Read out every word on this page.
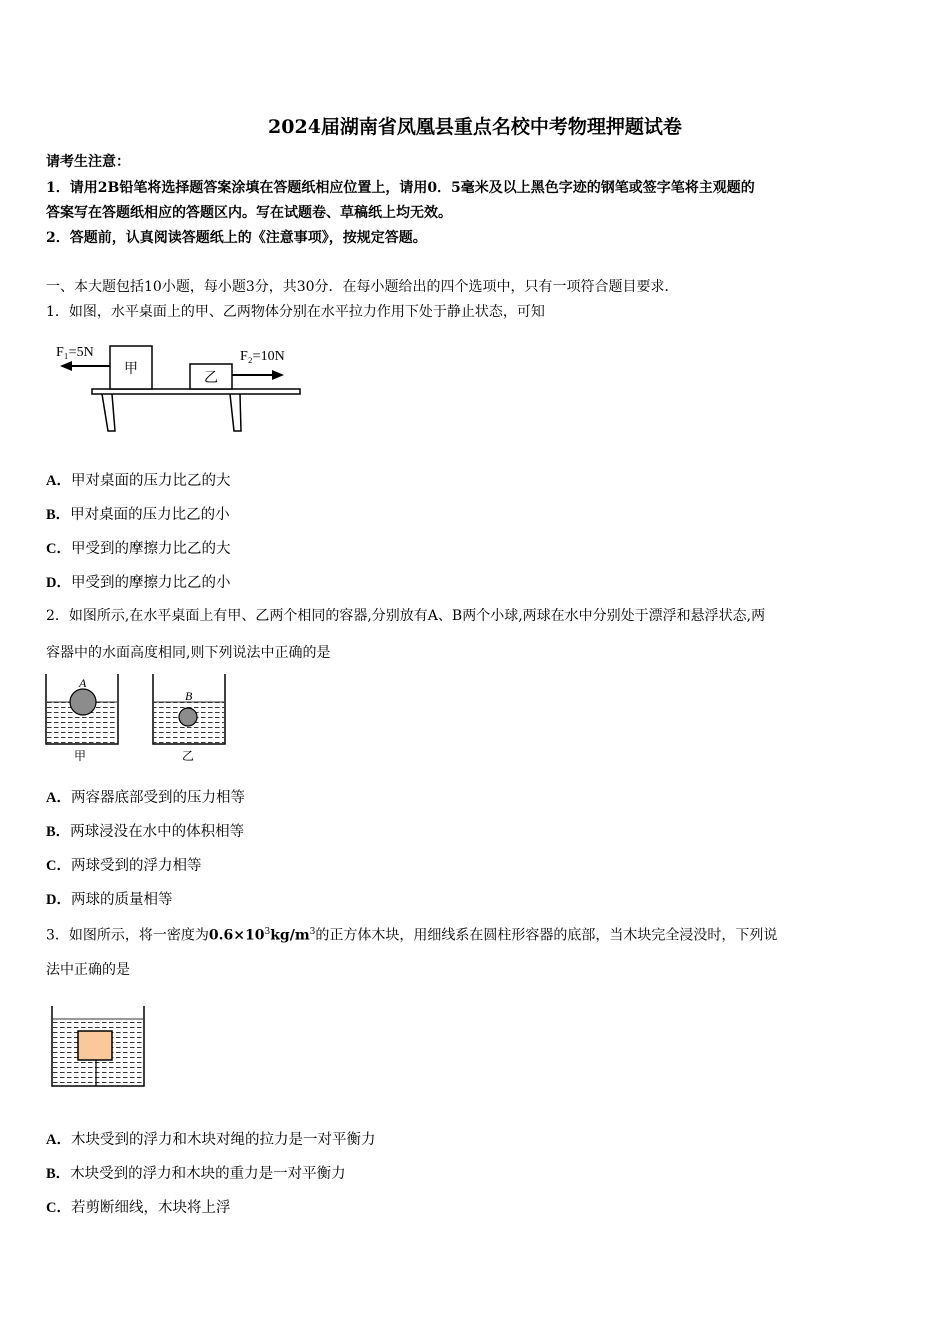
2024届湖南省凤凰县重点名校中考物理押题试卷
请考生注意：
1．请用2B铅笔将选择题答案涂填在答题纸相应位置上，请用0．5毫米及以上黑色字迹的钢笔或签字笔将主观题的
答案写在答题纸相应的答题区内。写在试题卷、草稿纸上均无效。
2．答题前，认真阅读答题纸上的《注意事项》，按规定答题。
一、本大题包括10小题，每小题3分，共30分．在每小题给出的四个选项中，只有一项符合题目要求．
1．如图，水平桌面上的甲、乙两物体分别在水平拉力作用下处于静止状态，可知
F₁=5N	F₂=10N
甲
乙
A．甲对桌面的压力比乙的大
B．甲对桌面的压力比乙的小
C．甲受到的摩擦力比乙的大
D．甲受到的摩擦力比乙的小
2．如图所示,在水平桌面上有甲、乙两个相同的容器,分别放有A、B两个小球,两球在水中分别处于漂浮和悬浮状态,两
容器中的水面高度相同,则下列说法中正确的是
A
甲
B
乙
A．两容器底部受到的压力相等
B．两球浸没在水中的体积相等
C．两球受到的浮力相等
D．两球的质量相等
3．如图所示，将一密度为$0.6\times 10^3kg/m^3$的正方体木块，用细线系在圆柱形容器的底部，当木块完全浸没时，下列说
法中正确的是
A．木块受到的浮力和木块对绳的拉力是一对平衡力
B．木块受到的浮力和木块的重力是一对平衡力
C．若剪断细线，木块将上浮
